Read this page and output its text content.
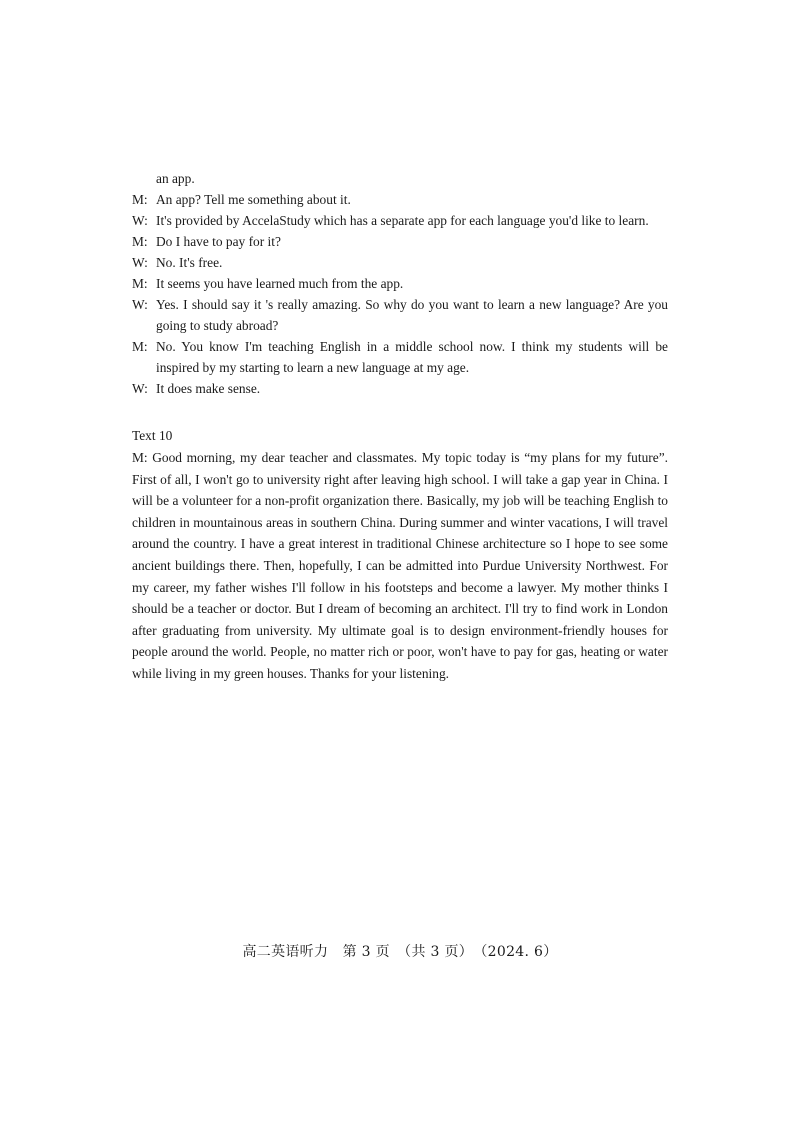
an app.
M: An app? Tell me something about it.
W: It's provided by AccelaStudy which has a separate app for each language you'd like to learn.
M: Do I have to pay for it?
W: No. It's free.
M: It seems you have learned much from the app.
W: Yes. I should say it 's really amazing. So why do you want to learn a new language? Are you going to study abroad?
M: No. You know I'm teaching English in a middle school now. I think my students will be inspired by my starting to learn a new language at my age.
W: It does make sense.
Text 10

M: Good morning, my dear teacher and classmates. My topic today is “my plans for my future”. First of all, I won't go to university right after leaving high school. I will take a gap year in China. I will be a volunteer for a non-profit organization there. Basically, my job will be teaching English to children in mountainous areas in southern China. During summer and winter vacations, I will travel around the country. I have a great interest in traditional Chinese architecture so I hope to see some ancient buildings there. Then, hopefully, I can be admitted into Purdue University Northwest. For my career, my father wishes I'll follow in his footsteps and become a lawyer. My mother thinks I should be a teacher or doctor. But I dream of becoming an architect. I'll try to find work in London after graduating from university. My ultimate goal is to design environment-friendly houses for people around the world. People, no matter rich or poor, won't have to pay for gas, heating or water while living in my green houses. Thanks for your listening.

高二英语听力　第 3 页　（共 3 页）　（2024. 6）
